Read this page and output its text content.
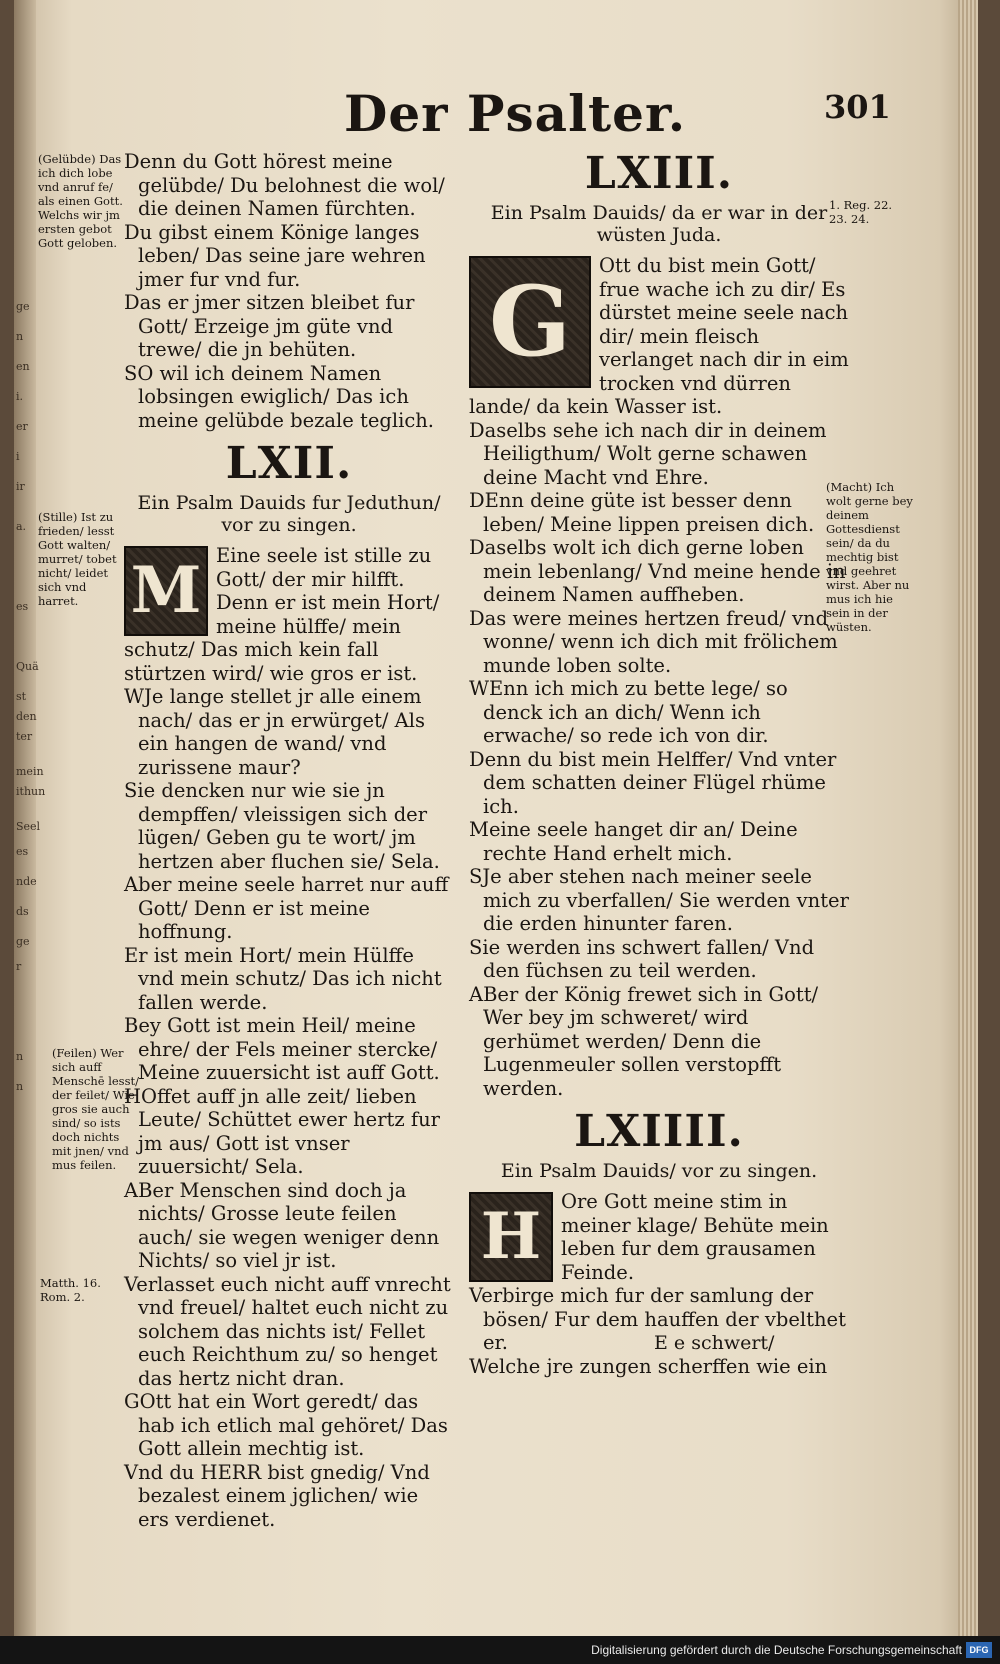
ge
n
en
i.
er
i
ir
a.
es
Quä
st
den
ter
mein
ithun
Seel
es
nde
ds
ge
r
n
n
Der Psalter.	301
(Gelübde) Das ich dich lobe vnd anruf fe/ als einen Gott. Welchs wir jm ersten gebot Gott geloben.
(Stille) Ist zu frieden/ lesst Gott walten/ murret/ tobet nicht/ leidet sich vnd harret.
(Feilen) Wer sich auff Menschē lesst/ der feilet/ Wie gros sie auch sind/ so ists doch nichts mit jnen/ vnd mus feilen.
Matth. 16. Rom. 2.
1. Reg. 22. 23. 24.
(Macht) Ich wolt gerne bey deinem Gottesdienst sein/ da du mechtig bist vnd geehret wirst. Aber nu mus ich hie sein in der wüsten.

Denn du Gott hörest meine gelübde/ Du belohnest die wol/ die deinen Namen fürchten.

Du gibst einem Könige langes leben/ Das seine jare wehren jmer fur vnd fur.

Das er jmer sitzen bleibet fur Gott/ Erzeige jm güte vnd trewe/ die jn behüten.

SO wil ich deinem Namen lobsingen ewiglich/ Das ich meine gelübde bezale teglich.

LXII.
Ein Psalm Dauids fur Jeduthun/ vor zu singen.

M Eine seele ist stille zu Gott/ der mir hilfft. Denn er ist mein Hort/ meine hülffe/ mein schutz/ Das mich kein fall stürtzen wird/ wie gros er ist.

WJe lange stellet jr alle einem nach/ das er jn erwürget/ Als ein hangen de wand/ vnd zurissene maur?

Sie dencken nur wie sie jn dempffen/ vleissigen sich der lügen/ Geben gu te wort/ jm hertzen aber fluchen sie/ Sela.

Aber meine seele harret nur auff Gott/ Denn er ist meine hoffnung.

Er ist mein Hort/ mein Hülffe vnd mein schutz/ Das ich nicht fallen werde.

Bey Gott ist mein Heil/ meine ehre/ der Fels meiner stercke/ Meine zuuersicht ist auff Gott.

HOffet auff jn alle zeit/ lieben Leute/ Schüttet ewer hertz fur jm aus/ Gott ist vnser zuuersicht/ Sela.

ABer Menschen sind doch ja nichts/ Grosse leute feilen auch/ sie wegen weniger denn Nichts/ so viel jr ist.

Verlasset euch nicht auff vnrecht vnd freuel/ haltet euch nicht zu solchem das nichts ist/ Fellet euch Reichthum zu/ so henget das hertz nicht dran.

GOtt hat ein Wort geredt/ das hab ich etlich mal gehöret/ Das Gott allein mechtig ist.

Vnd du HERR bist gnedig/ Vnd bezalest einem jglichen/ wie ers verdienet.

LXIII.
Ein Psalm Dauids/ da er war in der wüsten Juda.

G	Ott du bist mein Gott/ frue wache ich zu dir/ Es dürstet meine seele nach dir/ mein fleisch verlanget nach dir in eim trocken vnd dürren lande/ da kein Wasser ist.

Daselbs sehe ich nach dir in deinem Heiligthum/ Wolt gerne schawen deine Macht vnd Ehre.

DEnn deine güte ist besser denn leben/ Meine lippen preisen dich.

Daselbs wolt ich dich gerne loben mein lebenlang/ Vnd meine hende in deinem Namen auffheben.

Das were meines hertzen freud/ vnd wonne/ wenn ich dich mit frölichem munde loben solte.

WEnn ich mich zu bette lege/ so denck ich an dich/ Wenn ich erwache/ so rede ich von dir.

Denn du bist mein Helffer/ Vnd vnter dem schatten deiner Flügel rhüme ich.

Meine seele hanget dir an/ Deine rechte Hand erhelt mich.

SJe aber stehen nach meiner seele mich zu vberfallen/ Sie werden vnter die erden hinunter faren.

Sie werden ins schwert fallen/ Vnd den füchsen zu teil werden.

ABer der König frewet sich in Gott/ Wer bey jm schweret/ wird gerhümet werden/ Denn die Lugenmeuler sollen verstopfft werden.

LXIIII.
Ein Psalm Dauids/ vor zu singen.

H	Ore Gott meine stim in meiner klage/ Behüte mein leben fur dem grausamen Feinde.

Verbirge mich fur der samlung der bösen/ Fur dem hauffen der vbelthet er.

Welche jre zungen scherffen wie ein

E e schwert/
Digitalisierung gefördert durch die Deutsche Forschungsgemeinschaft DFG
